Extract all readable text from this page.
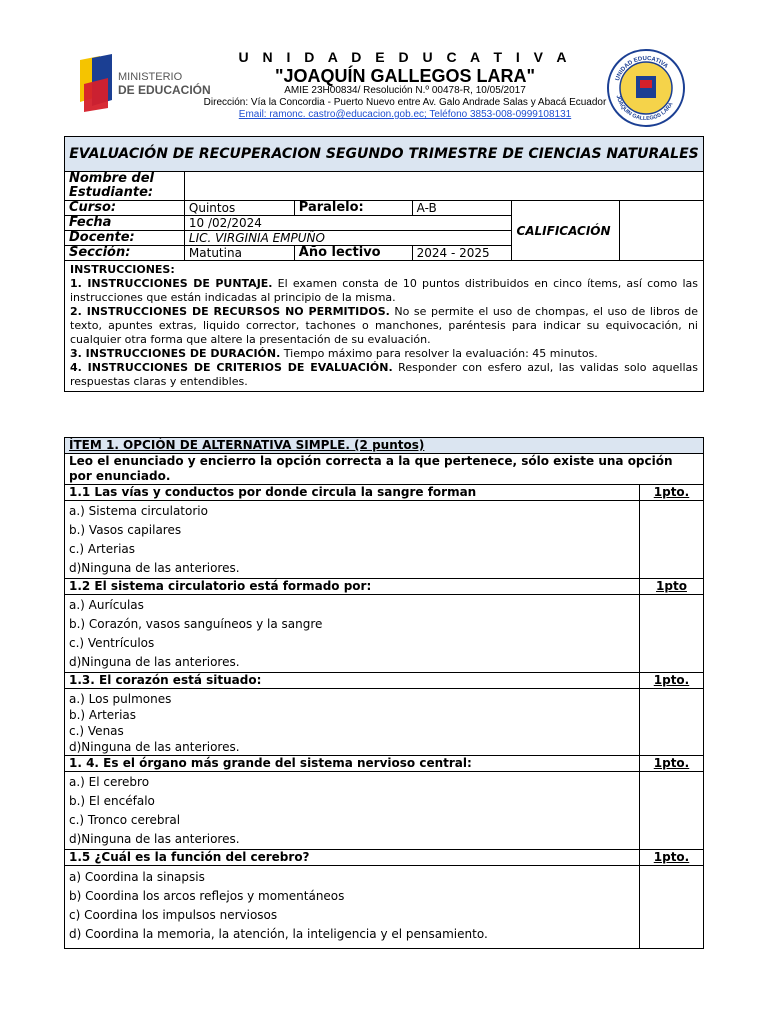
MINISTERIO
DE EDUCACIÓN
U N I D A D E D U C A T I V A
"JOAQUÍN GALLEGOS LARA"
AMIE 23H00834/ Resolución N.º 00478-R, 10/05/2017
Dirección: Vía la Concordia - Puerto Nuevo entre Av. Galo Andrade Salas y Abacá Ecuador
Email: ramonc. castro@educacion.gob.ec; Teléfono 3853-008-0999108131
UNIDAD EDUCATIVA
JOAQUIN GALLEGOS LARA
EVALUACIÓN DE RECUPERACION SEGUNDO TRIMESTRE DE CIENCIAS NATURALES					
Nombre del Estudiante:					
Curso:	Quintos	Paralelo:	A-B	CALIFICACIÓN	
Fecha	10 /02/2024				
Docente:	LIC. VIRGINIA EMPUÑO				
Sección:	Matutina	Año lectivo	2024 - 2025		
INSTRUCCIONES:
1. INSTRUCCIONES DE PUNTAJE. El examen consta de 10 puntos distribuidos en cinco ítems, así como las instrucciones que están indicadas al principio de la misma.
2. INSTRUCCIONES DE RECURSOS NO PERMITIDOS. No se permite el uso de chompas, el uso de libros de texto, apuntes extras, liquido corrector, tachones o manchones, paréntesis para indicar su equivocación, ni cualquier otra forma que altere la presentación de su evaluación.
3. INSTRUCCIONES DE DURACIÓN. Tiempo máximo para resolver la evaluación: 45 minutos.
4. INSTRUCCIONES DE CRITERIOS DE EVALUACIÓN. Responder con esfero azul, las validas solo aquellas respuestas claras y entendibles.					
ÍTEM 1. OPCIÓN DE ALTERNATIVA SIMPLE. (2 puntos)	
Leo el enunciado y encierro la opción correcta a la que pertenece, sólo existe una opción por enunciado.	
1.1 Las vías y conductos por donde circula la sangre forman	1pto.

a.) Sistema circulatorio
b.) Vasos capilares
c.) Arterias
d)Ninguna de las anteriores.	

1.2 El sistema circulatorio está formado por:	1pto

a.) Aurículas
b.) Corazón, vasos sanguíneos y la sangre
c.) Ventrículos
d)Ninguna de las anteriores.	

1.3. El corazón está situado:	1pto.

a.) Los pulmones
b.) Arterias
c.) Venas
d)Ninguna de las anteriores.	

1. 4. Es el órgano más grande del sistema nervioso central:	1pto.

a.) El cerebro
b.) El encéfalo
c.) Tronco cerebral
d)Ninguna de las anteriores.	

1.5 ¿Cuál es la función del cerebro?	1pto.

a) Coordina la sinapsis
b) Coordina los arcos reflejos y momentáneos
c) Coordina los impulsos nerviosos
d) Coordina la memoria, la atención, la inteligencia y el pensamiento.	
